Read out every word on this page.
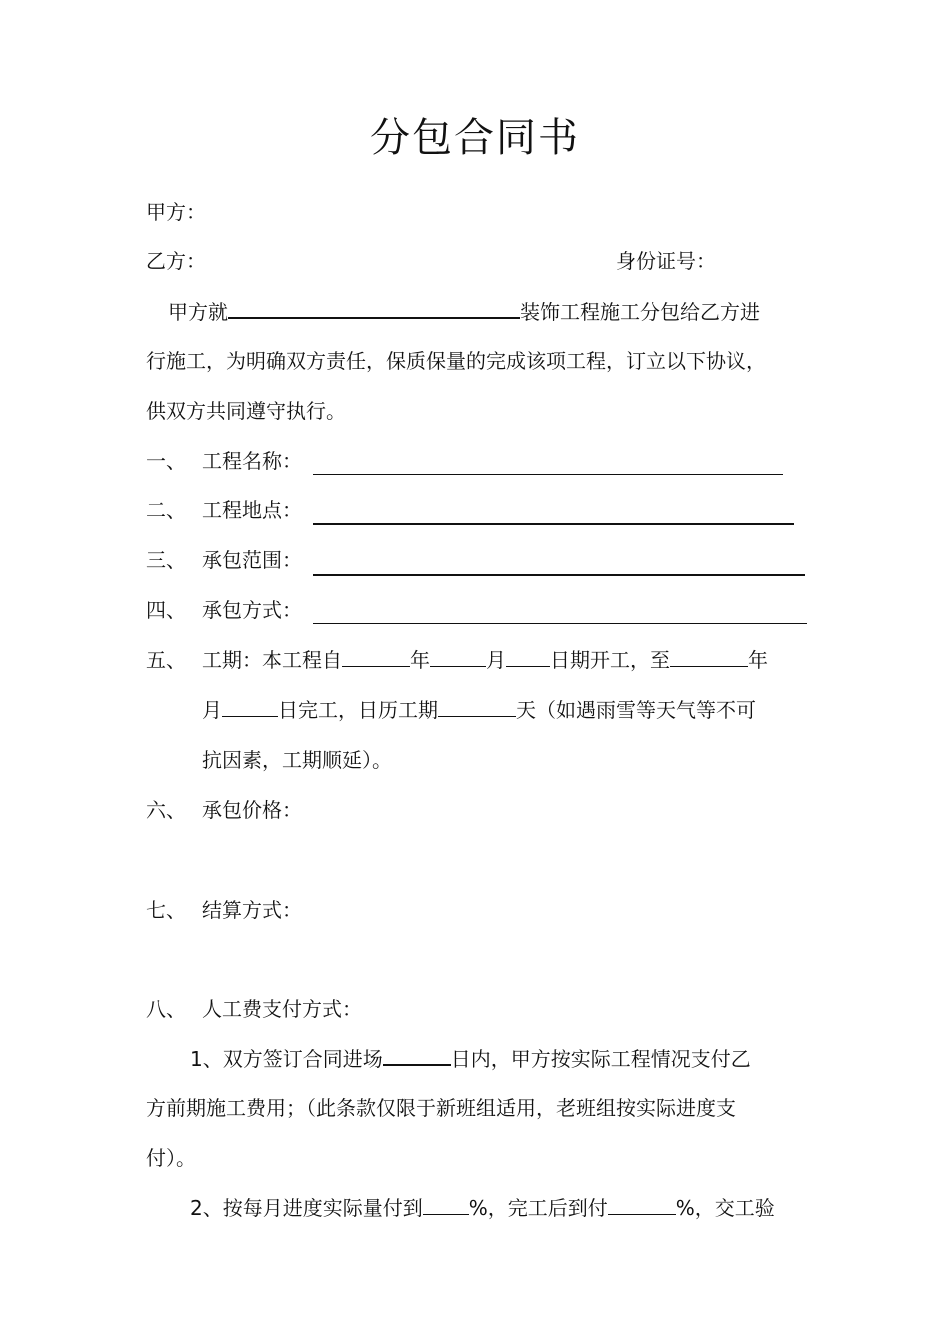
分包合同书
甲方：
乙方：	身份证号：
甲方就	装饰工程施工分包给乙方进
行施工，为明确双方责任，保质保量的完成该项工程，订立以下协议，
供双方共同遵守执行。
一、 工程名称：
二、 工程地点：
三、 承包范围：
四、 承包方式：
五、 工期：本工程自	年	月 日期开工，至	年
月	日完工，日历工期	天（如遇雨雪等天气等不可
抗因素，工期顺延）。
六、 承包价格：
七、 结算方式：
八、 人工费支付方式：
1、双方签订合同进场	日内，甲方按实际工程情况支付乙
方前期施工费用；（此条款仅限于新班组适用，老班组按实际进度支
付）。
2、按每月进度实际量付到 %，完工后到付	%，交工验
